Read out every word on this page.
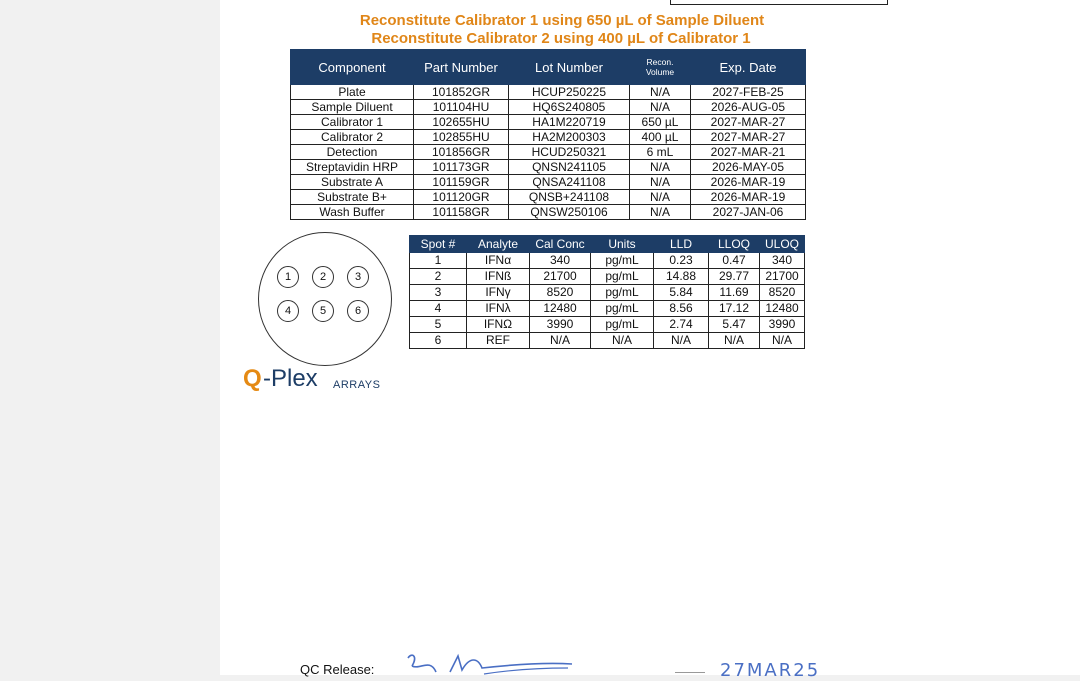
Reconstitute Calibrator 1 using 650 µL of Sample Diluent
Reconstitute Calibrator 2 using 400 µL of Calibrator 1
Component	Part Number	Lot Number	Recon. Volume	Exp. Date
Plate	101852GR	HCUP250225	N/A	2027-FEB-25
Sample Diluent	101104HU	HQ6S240805	N/A	2026-AUG-05
Calibrator 1	102655HU	HA1M220719	650 µL	2027-MAR-27
Calibrator 2	102855HU	HA2M200303	400 µL	2027-MAR-27
Detection	101856GR	HCUD250321	6 mL	2027-MAR-21
Streptavidin HRP	101173GR	QNSN241105	N/A	2026-MAY-05
Substrate A	101159GR	QNSA241108	N/A	2026-MAR-19
Substrate B+	101120GR	QNSB+241108	N/A	2026-MAR-19
Wash Buffer	101158GR	QNSW250106	N/A	2027-JAN-06
1	2	3
4	5	6
Spot #	Analyte	Cal Conc	Units	LLD	LLOQ	ULOQ
1	IFNα	340	pg/mL	0.23	0.47	340
2	IFNß	21700	pg/mL	14.88	29.77	21700
3	IFNγ	8520	pg/mL	5.84	11.69	8520
4	IFNλ	12480	pg/mL	8.56	17.12	12480
5	IFNΩ	3990	pg/mL	2.74	5.47	3990
6	REF	N/A	N/A	N/A	N/A	N/A
Q -Plex ARRAYS
QC Release:	27MAR25
